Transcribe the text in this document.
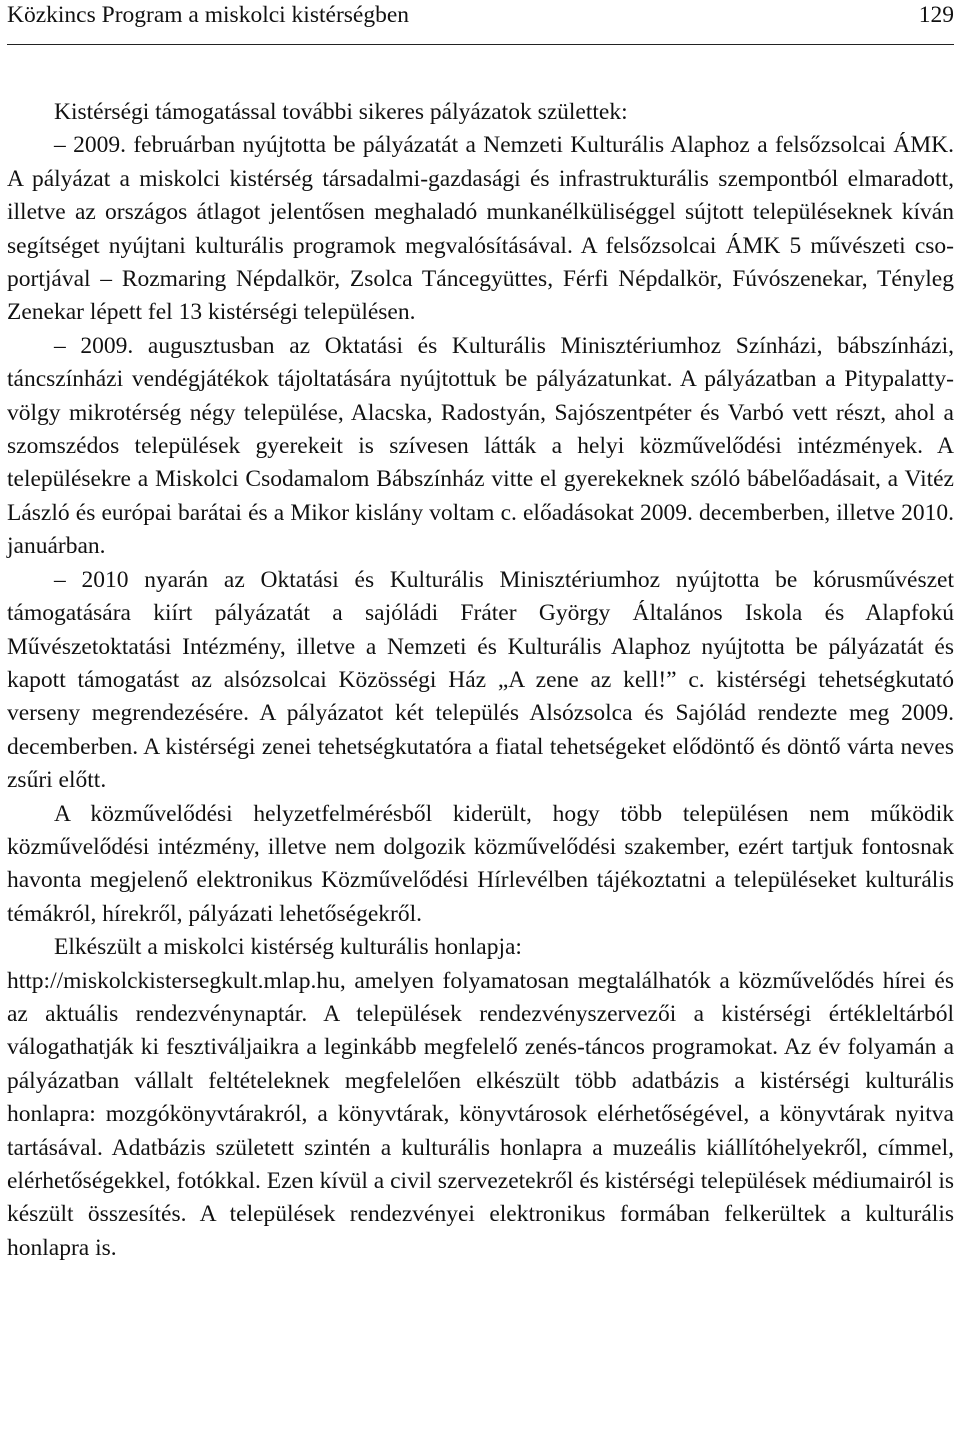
Közkincs Program a miskolci kistérségben	129

Kistérségi támogatással további sikeres pályázatok születtek:

– 2009. februárban nyújtotta be pályázatát a Nemzeti Kulturális Alaphoz a felsőzsolcai ÁMK. A pályázat a miskolci kistérség társadalmi-gazdasági és infrastrukturális szempontból elmaradott, illetve az országos átlagot jelentősen meghaladó munkanélküliséggel sújtott településeknek kíván segítséget nyújtani kulturális programok megvalósításával. A felsőzsolcai ÁMK 5 művészeti csoportjával – Rozmaring Népdalkör, Zsolca Táncegyüttes, Férfi Népdalkör, Fúvószenekar, Tényleg Zenekar lépett fel 13 kistérségi településen.

– 2009. augusztusban az Oktatási és Kulturális Minisztériumhoz Színházi, bábszínházi, táncszínházi vendégjátékok tájoltatására nyújtottuk be pályázatunkat. A pályázatban a Pitypalatty-völgy mikrotérség négy települése, Alacska, Radostyán, Sajószentpéter és Varbó vett részt, ahol a szomszédos települések gyerekeit is szívesen látták a helyi közművelődési intézmények. A településekre a Miskolci Csodamalom Bábszínház vitte el gyerekeknek szóló bábelőadásait, a Vitéz László és európai barátai és a Mikor kislány voltam c. előadásokat 2009. decemberben, illetve 2010. januárban.

– 2010 nyarán az Oktatási és Kulturális Minisztériumhoz nyújtotta be kórusművészet támogatására kiírt pályázatát a sajóládi Fráter György Általános Iskola és Alapfokú Művészetoktatási Intézmény, illetve a Nemzeti és Kulturális Alaphoz nyújtotta be pályázatát és kapott támogatást az alsózsolcai Közösségi Ház „A zene az kell!” c. kistérségi tehetségkutató verseny megrendezésére. A pályázatot két település Alsózsolca és Sajólád rendezte meg 2009. decemberben. A kistérségi zenei tehetségkutatóra a fiatal tehetségeket elődöntő és döntő várta neves zsűri előtt.

A közművelődési helyzetfelmérésből kiderült, hogy több településen nem működik közművelődési intézmény, illetve nem dolgozik közművelődési szakember, ezért tartjuk fontosnak havonta megjelenő elektronikus Közművelődési Hírlevélben tájékoztatni a településeket kulturális témákról, hírekről, pályázati lehetőségekről.

Elkészült a miskolci kistérség kulturális honlapja:

http://miskolckistersegkult.mlap.hu, amelyen folyamatosan megtalálhatók a közművelődés hírei és az aktuális rendezvénynaptár. A települések rendezvényszervezői a kistérségi értékleltárból válogathatják ki fesztiváljaikra a leginkább megfelelő zenés-táncos programokat. Az év folyamán a pályázatban vállalt feltételeknek megfelelően elkészült több adatbázis a kistérségi kulturális honlapra: mozgókönyvtárakról, a könyvtárak, könyvtárosok elérhetőségével, a könyvtárak nyitva tartásával. Adatbázis született szintén a kulturális honlapra a muzeális kiállítóhelyekről, címmel, elérhetőségekkel, fotókkal. Ezen kívül a civil szervezetekről és kistérségi települések médiumairól is készült összesítés. A települések rendezvényei elektronikus formában felkerültek a kulturális honlapra is.
